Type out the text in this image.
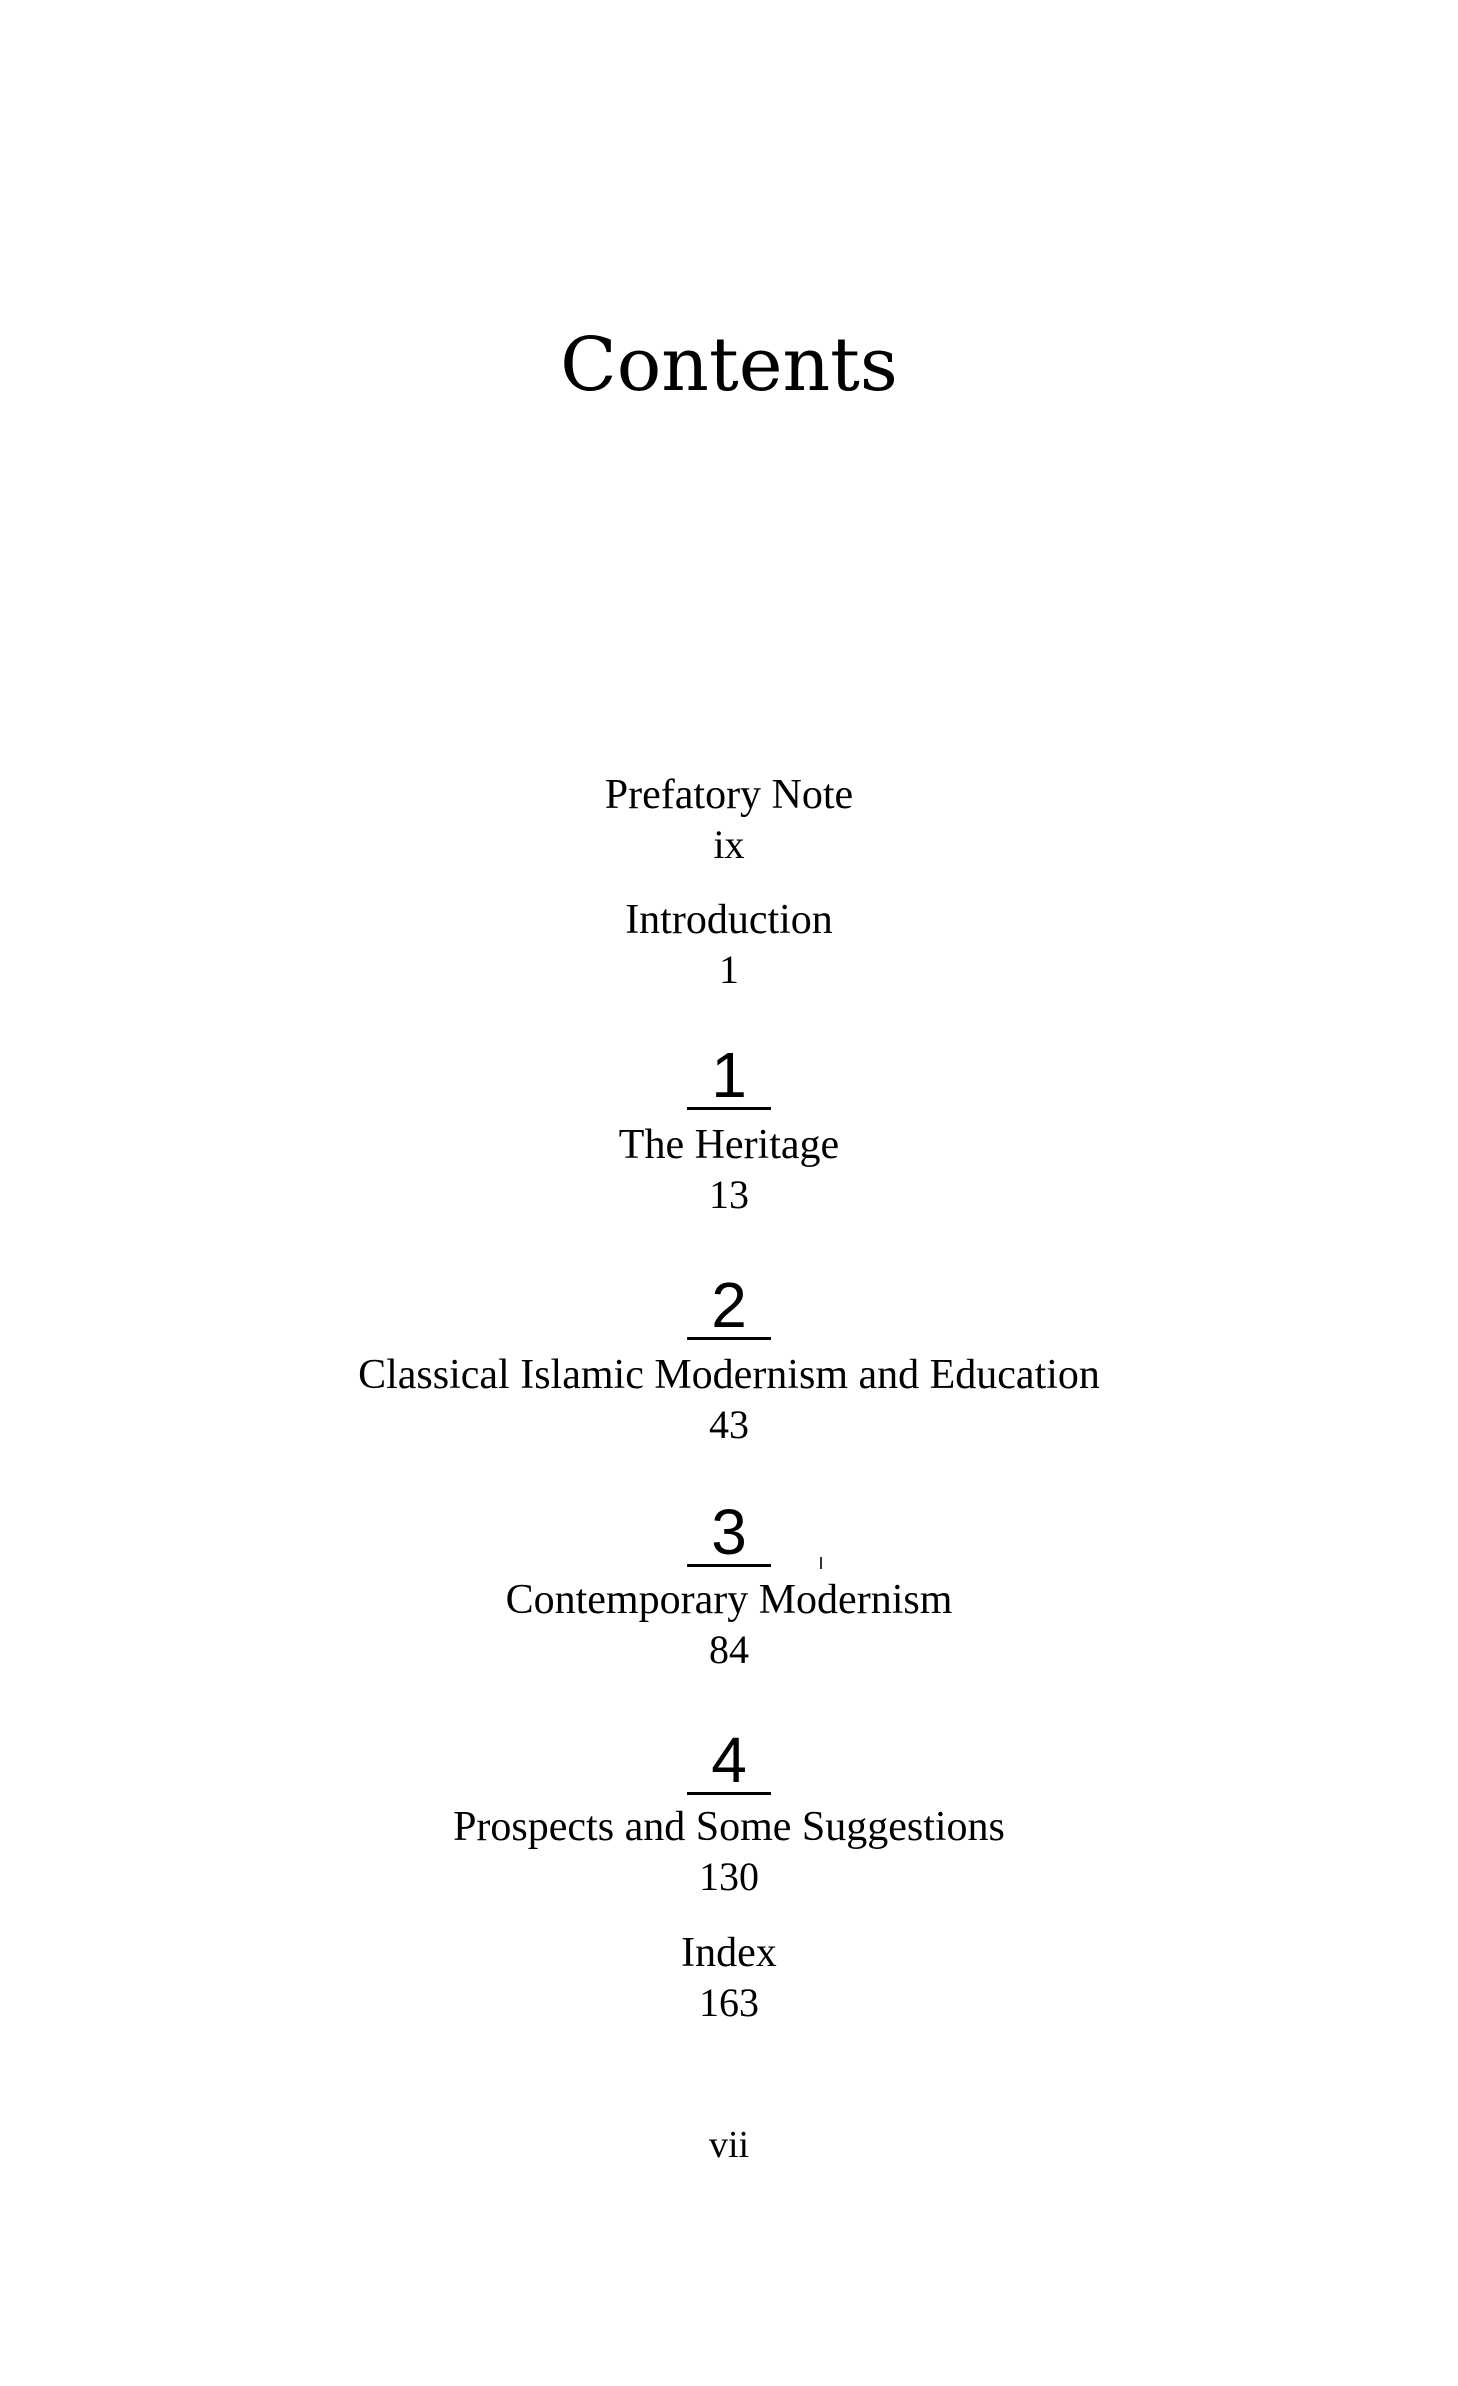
Contents
Prefatory Note
ix
Introduction
1
1
The Heritage
13
2
Classical Islamic Modernism and Education
43
3
Contemporary Modernism
84
4
Prospects and Some Suggestions
130
Index
163
vii
